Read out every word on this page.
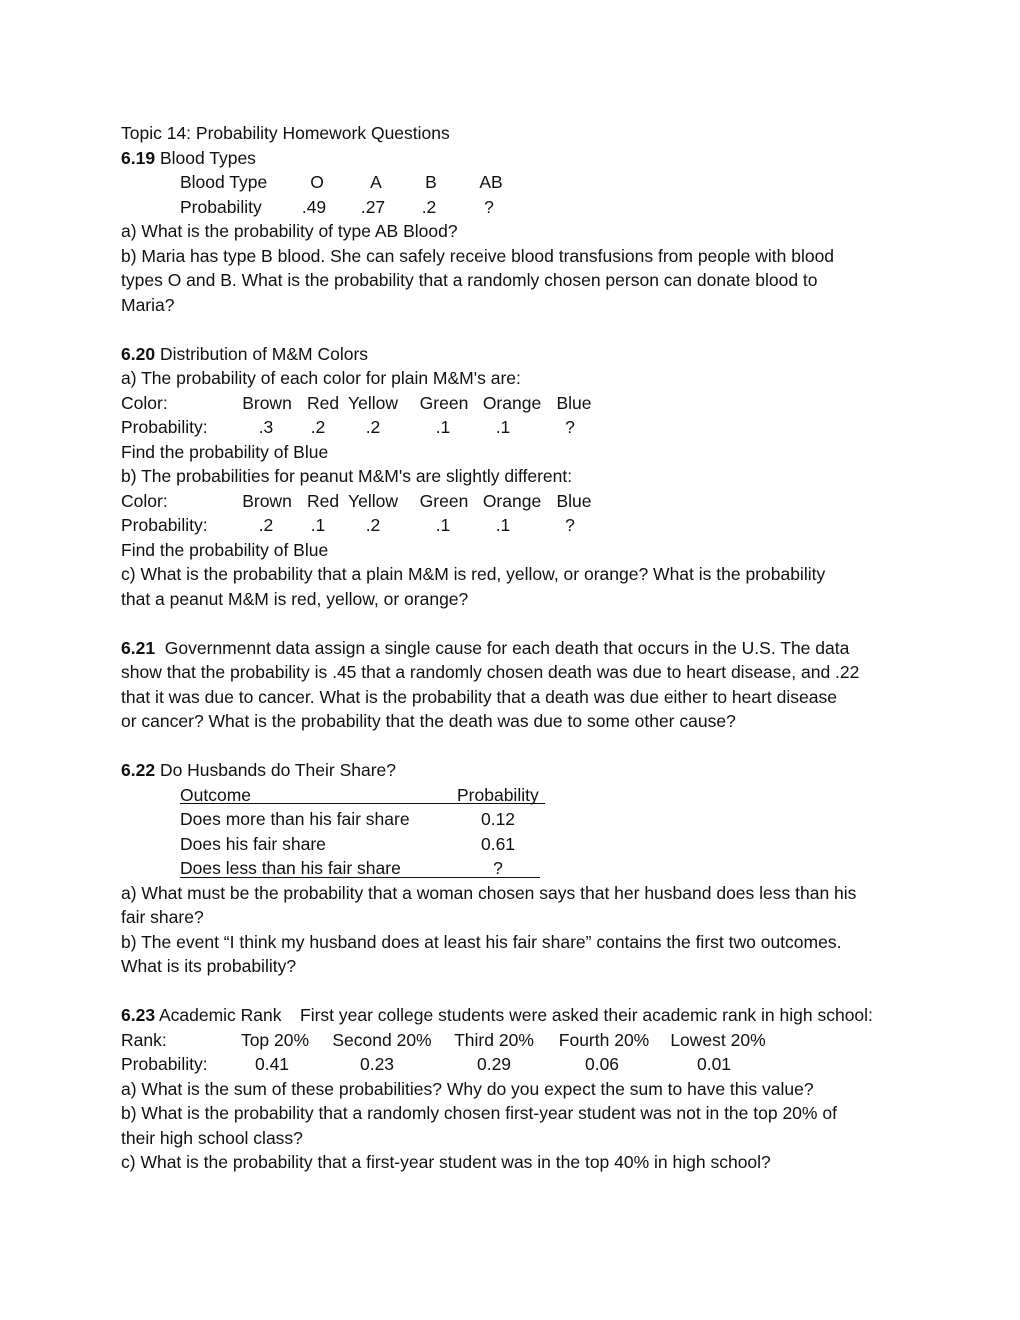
Topic 14: Probability Homework Questions
6.19 Blood Types
Blood Type O	A B AB
Probability .49 .27 .2	?
a) What is the probability of type AB Blood?
b) Maria has type B blood. She can safely receive blood transfusions from people with blood
types O and B. What is the probability that a randomly chosen person can donate blood to
Maria?
6.20 Distribution of M&M Colors
a) The probability of each color for plain M&M's are:
Color:	Brown Red Yellow Green Orange Blue
Probability:	.3 .2 .2	.1	.1	?
Find the probability of Blue
b) The probabilities for peanut M&M's are slightly different:
Color:	Brown Red Yellow Green Orange Blue
Probability:	.2 .1 .2	.1	.1	?
Find the probability of Blue
c) What is the probability that a plain M&M is red, yellow, or orange? What is the probability
that a peanut M&M is red, yellow, or orange?
6.21 Governmennt data assign a single cause for each death that occurs in the U.S. The data
show that the probability is .45 that a randomly chosen death was due to heart disease, and .22
that it was due to cancer. What is the probability that a death was due either to heart disease
or cancer? What is the probability that the death was due to some other cause?
6.22 Do Husbands do Their Share?
Outcome	Probability
Does more than his fair share	0.12
Does his fair share	0.61
Does less than his fair share	?
a) What must be the probability that a woman chosen says that her husband does less than his
fair share?
b) The event “I think my husband does at least his fair share” contains the first two outcomes.
What is its probability?
6.23 Academic Rank First year college students were asked their academic rank in high school:
Rank:	Top 20% Second 20% Third 20% Fourth 20% Lowest 20%
Probability:	0.41	0.23	0.29	0.06	0.01
a) What is the sum of these probabilities? Why do you expect the sum to have this value?
b) What is the probability that a randomly chosen first-year student was not in the top 20% of
their high school class?
c) What is the probability that a first-year student was in the top 40% in high school?
